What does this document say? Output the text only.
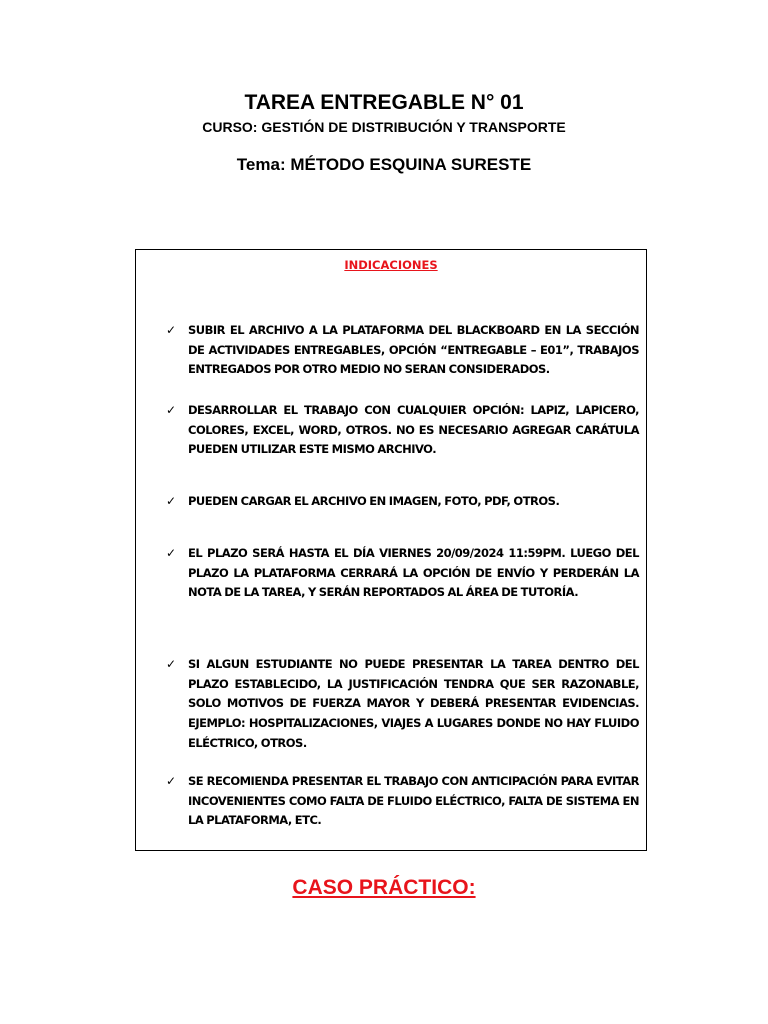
TAREA ENTREGABLE N° 01
CURSO: GESTIÓN DE DISTRIBUCIÓN Y TRANSPORTE
Tema: MÉTODO ESQUINA SURESTE
INDICACIONES
✓	SUBIR EL ARCHIVO A LA PLATAFORMA DEL BLACKBOARD EN LA SECCIÓN DE ACTIVIDADES ENTREGABLES, OPCIÓN “ENTREGABLE – E01”, TRABAJOS ENTREGADOS POR OTRO MEDIO NO SERAN CONSIDERADOS.
✓	DESARROLLAR EL TRABAJO CON CUALQUIER OPCIÓN: LAPIZ, LAPICERO, COLORES, EXCEL, WORD, OTROS. NO ES NECESARIO AGREGAR CARÁTULA PUEDEN UTILIZAR ESTE MISMO ARCHIVO.
✓	PUEDEN CARGAR EL ARCHIVO EN IMAGEN, FOTO, PDF, OTROS.
✓	EL PLAZO SERÁ HASTA EL DÍA VIERNES 20/09/2024 11:59PM. LUEGO DEL PLAZO LA PLATAFORMA CERRARÁ LA OPCIÓN DE ENVÍO Y PERDERÁN LA NOTA DE LA TAREA, Y SERÁN REPORTADOS AL ÁREA DE TUTORÍA.
✓	SI ALGUN ESTUDIANTE NO PUEDE PRESENTAR LA TAREA DENTRO DEL PLAZO ESTABLECIDO, LA JUSTIFICACIÓN TENDRA QUE SER RAZONABLE, SOLO MOTIVOS DE FUERZA MAYOR Y DEBERÁ PRESENTAR EVIDENCIAS. EJEMPLO: HOSPITALIZACIONES, VIAJES A LUGARES DONDE NO HAY FLUIDO ELÉCTRICO, OTROS.
✓	SE RECOMIENDA PRESENTAR EL TRABAJO CON ANTICIPACIÓN PARA EVITAR INCOVENIENTES COMO FALTA DE FLUIDO ELÉCTRICO, FALTA DE SISTEMA EN LA PLATAFORMA, ETC.
CASO PRÁCTICO:
